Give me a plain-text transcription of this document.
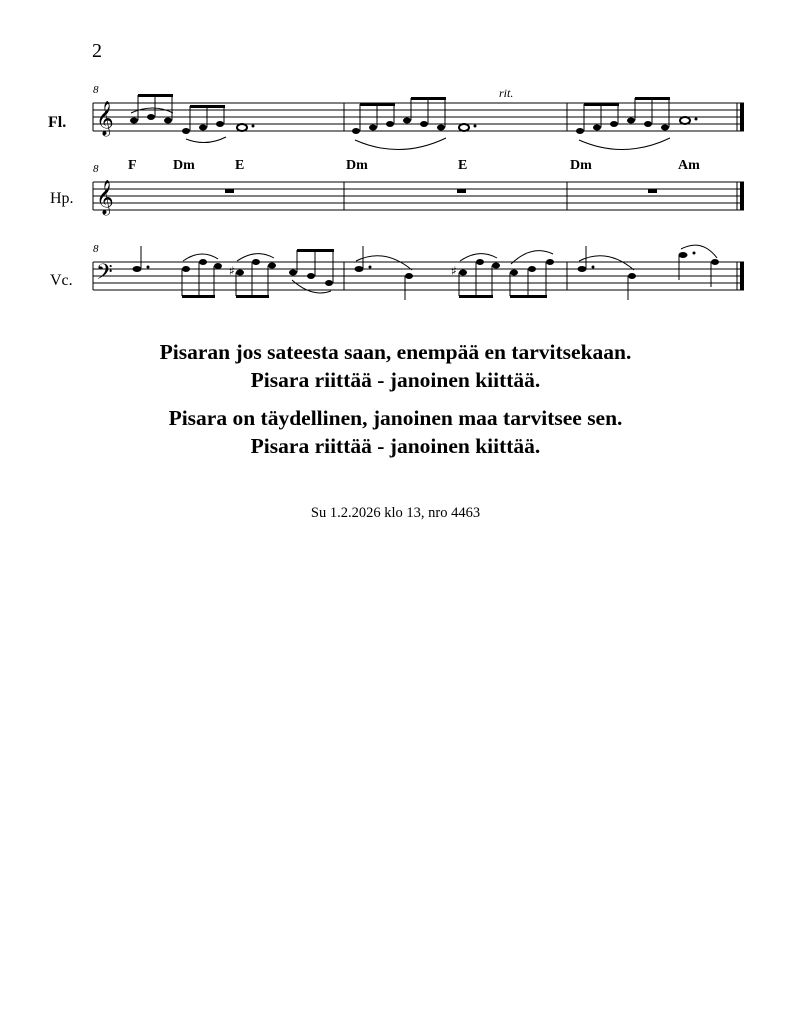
2
Fl.
Hp.
Vc.
8
8
8
rit.
𝄞
F	Dm	E	Dm	E	Dm	Am
𝄞
𝄢	♯	♯
Pisaran jos sateesta saan, enempää en tarvitsekaan.
Pisara riittää - janoinen kiittää.
Pisara on täydellinen, janoinen maa tarvitsee sen.
Pisara riittää - janoinen kiittää.
Su 1.2.2026 klo 13, nro 4463
